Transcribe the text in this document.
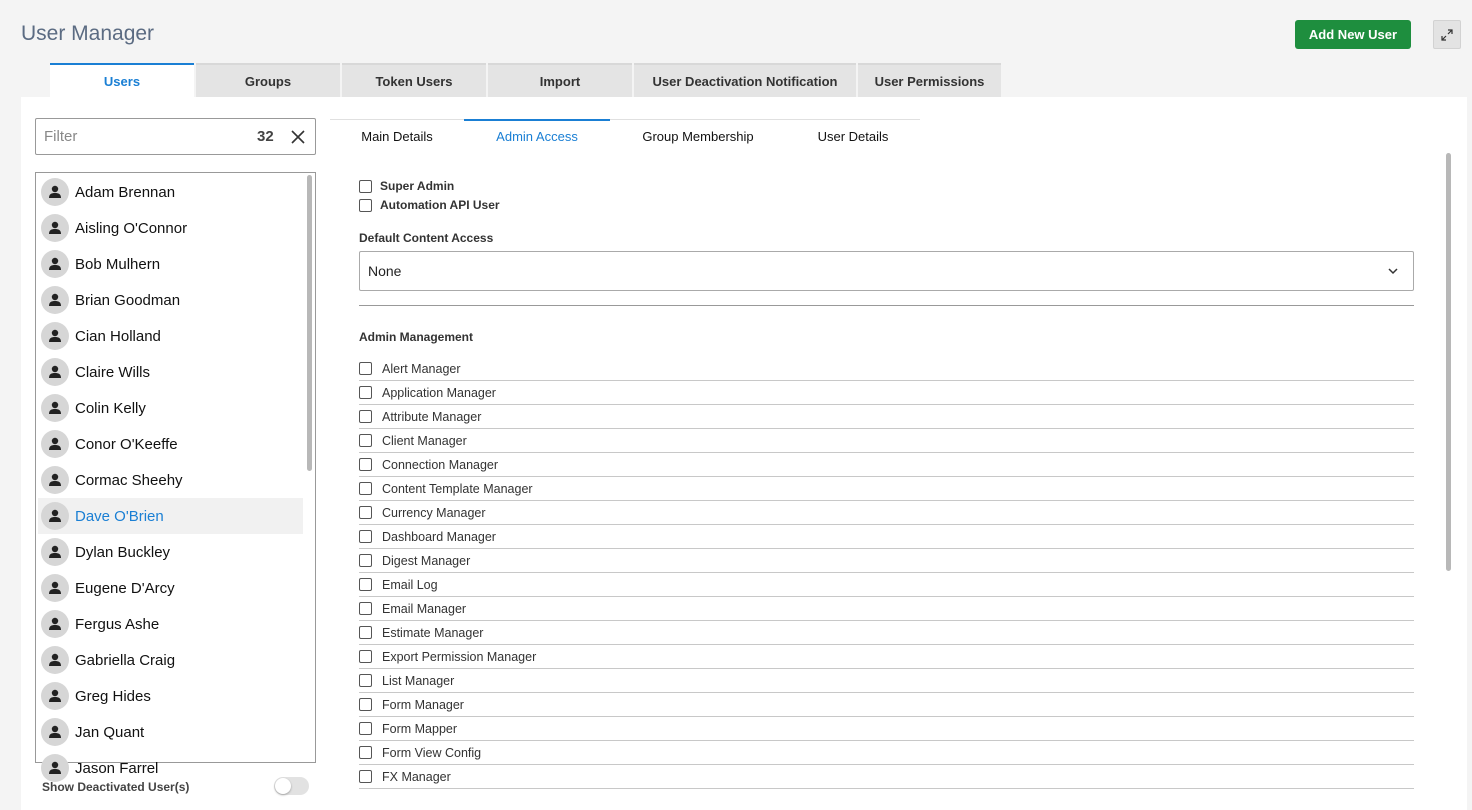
User Manager	Add New User
Users	Groups	Token Users	Import	User Deactivation Notification	User Permissions
Filter
32
Adam Brennan
Aisling O'Connor
Bob Mulhern
Brian Goodman
Cian Holland
Claire Wills
Colin Kelly
Conor O'Keeffe
Cormac Sheehy
Dave O'Brien
Dylan Buckley
Eugene D'Arcy
Fergus Ashe
Gabriella Craig
Greg Hides
Jan Quant
Jason Farrel
Show Deactivated User(s)
Main Details	Admin Access	Group Membership	User Details
Super Admin
Automation API User
Default Content Access
None
Admin Management
Alert Manager
Application Manager
Attribute Manager
Client Manager
Connection Manager
Content Template Manager
Currency Manager
Dashboard Manager
Digest Manager
Email Log
Email Manager
Estimate Manager
Export Permission Manager
List Manager
Form Manager
Form Mapper
Form View Config
FX Manager
